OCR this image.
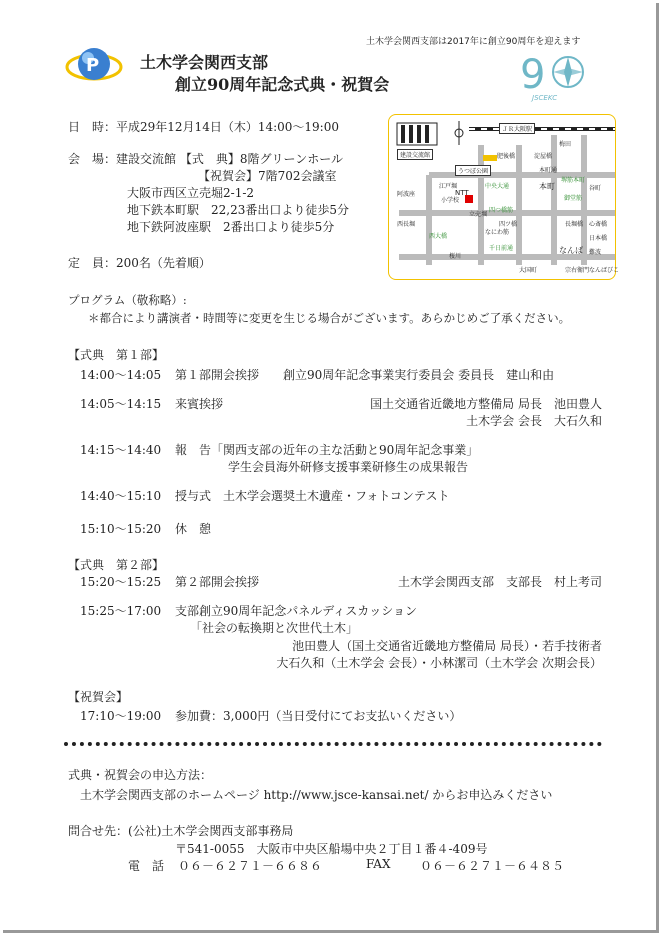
土木学会関西支部は2017年に創立90周年を迎えます
P	土木学会関西支部
創立90周年記念式典・祝賀会	9
JSCEKC
日　時：平成29年12月14日（木）14:00〜19:00
会　場：建設交流館 【式　典】8階グリーンホール
【祝賀会】7階702会議室
大阪市西区立売堀2-1-2
地下鉄本町駅　22,23番出口より徒歩5分
地下鉄阿波座駅　2番出口より徒歩5分
定　員：200名（先着順）
ＪＲ大阪駅
梅田
建設交流館
うつぼ公園
NTT
本町
なんば
肥後橋	淀屋橋
阿波座
中央大通
四つ橋筋
御堂筋
心斎橋
本町通
西長堀	長堀橋
千日前通
桜川
難波
なにわ筋
大国町
四ツ橋
小学校
江戸堀
堺筋本町
谷町
日本橋
立売堀
西大橋
宗右衛門 なんばびこ
プログラム（敬称略）:
＊都合により講演者・時間等に変更を生じる場合がございます。あらかじめご了承ください。
【式典　第１部】
14:00〜14:05 第１部開会挨拶　　創立90周年記念事業実行委員会 委員長　建山和由
14:05〜14:15 来賓挨拶	国土交通省近畿地方整備局 局長　池田豊人
土木学会 会長　大石久和
14:15〜14:40 報　告「関西支部の近年の主な活動と90周年記念事業」
学生会員海外研修支援事業研修生の成果報告
14:40〜15:10 授与式　土木学会選奨土木遺産・フォトコンテスト
15:10〜15:20 休　憩
【式典　第２部】
15:20〜15:25 第２部開会挨拶	土木学会関西支部　支部長　村上考司
15:25〜17:00 支部創立90周年記念パネルディスカッション
「社会の転換期と次世代土木」
池田豊人（国土交通省近畿地方整備局 局長）・若手技術者
大石久和（土木学会 会長）・小林潔司（土木学会 次期会長）
【祝賀会】
17:10〜19:00 参加費：3,000円（当日受付にてお支払いください）
式典・祝賀会の申込方法：
土木学会関西支部のホームページ http://www.jsce-kansai.net/ からお申込みください
問合せ先：(公社)土木学会関西支部事務局
〒541-0055　大阪市中央区船場中央２丁目１番４-409号
電　話 ０６－６２７１－６６８６	FAX ０６－６２７１－６４８５
